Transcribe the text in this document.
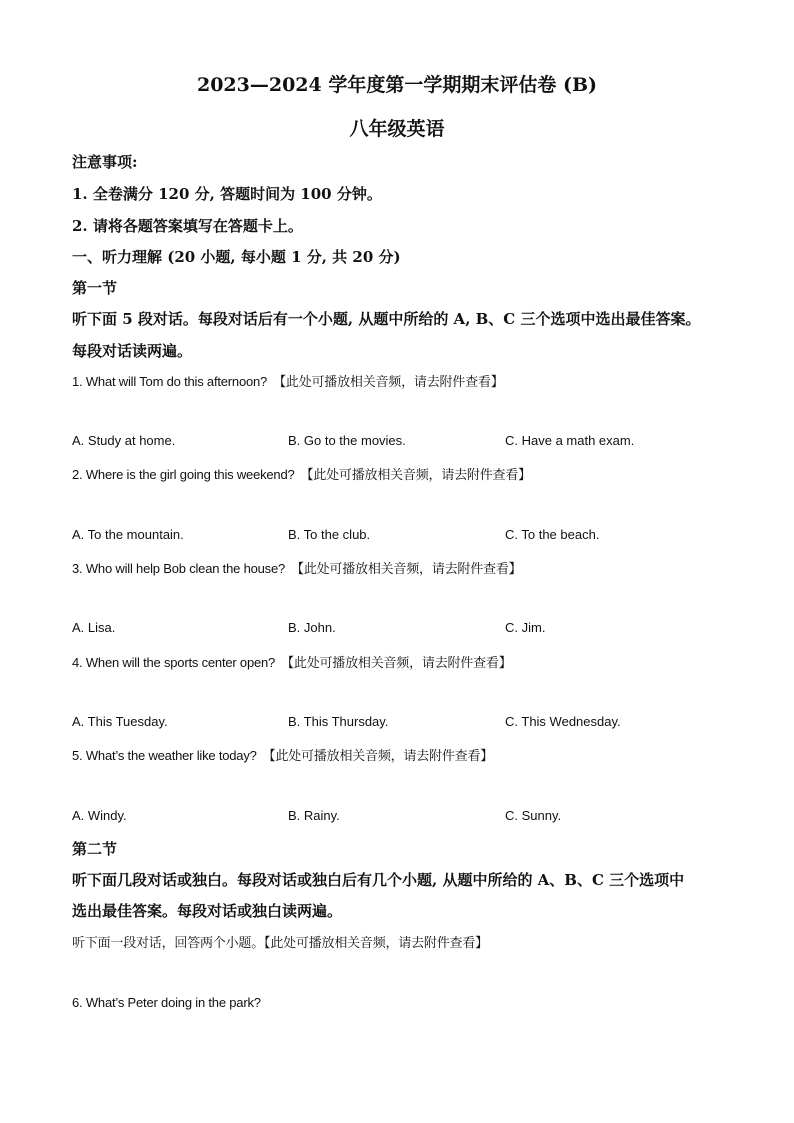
2023—2024 学年度第一学期期末评估卷 (B)
八年级英语
注意事项:
1. 全卷满分 120 分, 答题时间为 100 分钟。
2. 请将各题答案填写在答题卡上。
一、听力理解 (20 小题, 每小题 1 分, 共 20 分)
第一节
听下面 5 段对话。每段对话后有一个小题, 从题中所给的 A, B、C 三个选项中选出最佳答案。
每段对话读两遍。
1. What will Tom do this afternoon? 【此处可播放相关音频，请去附件查看】
A. Study at home.	B. Go to the movies.	C. Have a math exam.
2. Where is the girl going this weekend? 【此处可播放相关音频，请去附件查看】
A. To the mountain.	B. To the club.	C. To the beach.
3. Who will help Bob clean the house? 【此处可播放相关音频，请去附件查看】
A. Lisa.	B. John.	C. Jim.
4. When will the sports center open? 【此处可播放相关音频，请去附件查看】
A. This Tuesday.	B. This Thursday.	C. This Wednesday.
5. What’s the weather like today? 【此处可播放相关音频，请去附件查看】
A. Windy.	B. Rainy.	C. Sunny.
第二节
听下面几段对话或独白。每段对话或独白后有几个小题, 从题中所给的 A、B、C 三个选项中
选出最佳答案。每段对话或独白读两遍。
听下面一段对话，回答两个小题。【此处可播放相关音频，请去附件查看】
6. What’s Peter doing in the park?
